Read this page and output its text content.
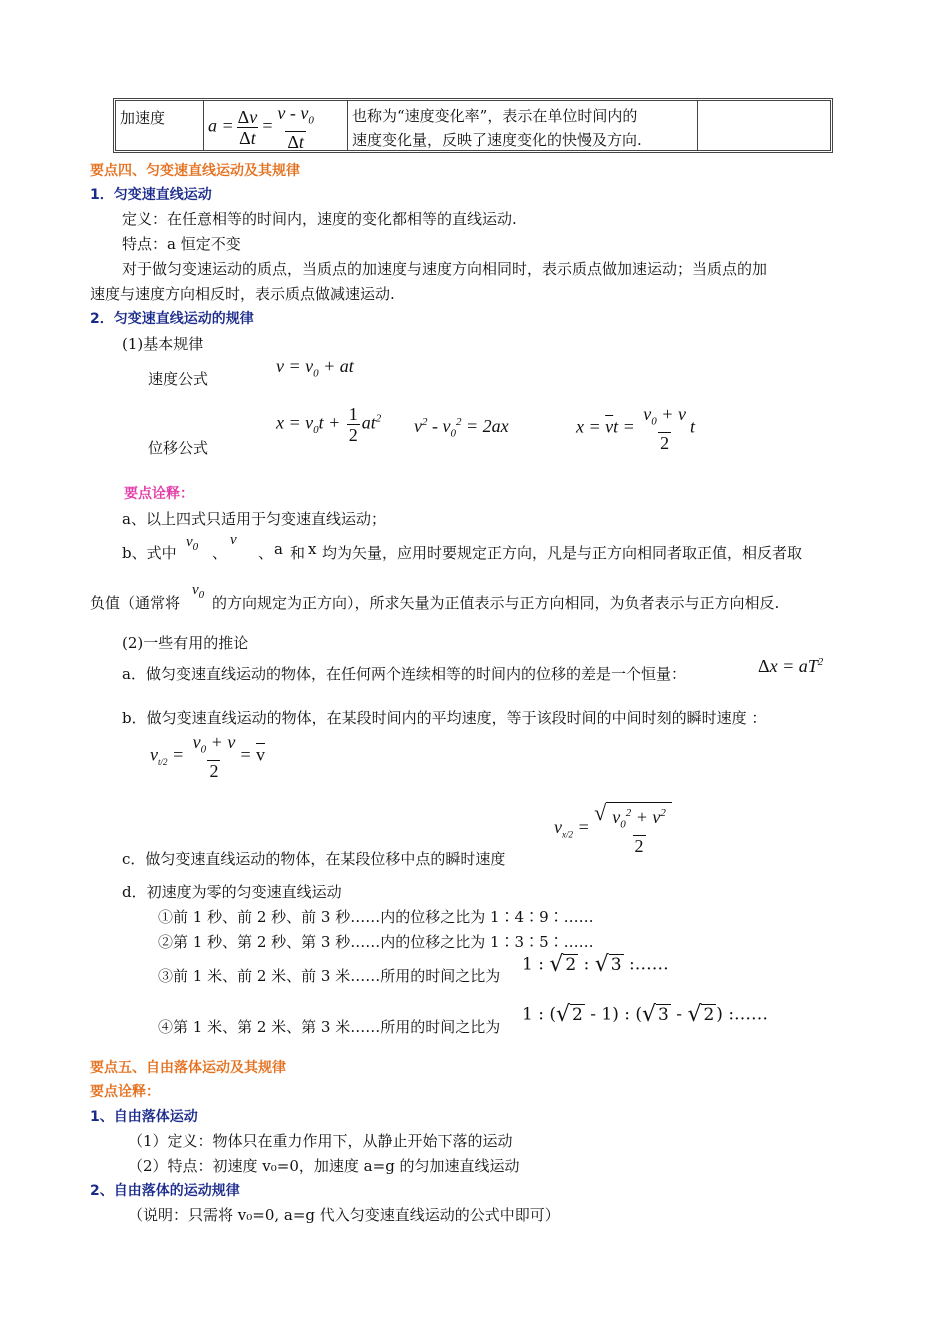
加速度 $a = \frac{\Delta v}{\Delta t} = \frac{v - v_0}{\Delta t}$ 也称为“速度变化率”，表示在单位时间内的
速度变化量，反映了速度变化的快慢及方向.
要点四、匀变速直线运动及其规律
1．匀变速直线运动
定义：在任意相等的时间内，速度的变化都相等的直线运动.
特点：a 恒定不变
对于做匀变速运动的质点，当质点的加速度与速度方向相同时，表示质点做加速运动；当质点的加
速度与速度方向相反时，表示质点做减速运动.
2．匀变速直线运动的规律
(1)基本规律
速度公式
$v = v_0$ + at
位移公式
$x = v_0t + \frac{1}{2} at^2$ $v^2 - v_0^2 = 2ax$	$x = \overline{v}t = \frac{v_0 + v}{2}$ t
要点诠释：
a、以上四式只适用于匀变速直线运动；
b、式中
$v_0$ 、
v
、 a 和 x 均为矢量，应用时要规定正方向，凡是与正方向相同者取正值，相反者取
负值（通常将
$v_0$ 的方向规定为正方向），所求矢量为正值表示与正方向相同，为负者表示与正方向相反.
(2)一些有用的推论
a．做匀变速直线运动的物体，在任何两个连续相等的时间内的位移的差是一个恒量：	$\Delta x = aT^2$
b．做匀变速直线运动的物体，在某段时间内的平均速度，等于该段时间的中间时刻的瞬时速度 ：
$v_{t/2} = \frac{v_0 + v}{2} = \overline{v}$
c．做匀变速直线运动的物体，在某段位移中点的瞬时速度
$v_{x/2}$ =
√ $\frac{v_0^2 + v^2}{2}$
d．初速度为零的匀变速直线运动
①前 1 秒、前 2 秒、前 3 秒……内的位移之比为 1∶4∶9∶……
②第 1 秒、第 2 秒、第 3 秒……内的位移之比为 1∶3∶5∶……
③前 1 米、前 2 米、前 3 米……所用的时间之比为
1 : √ 2 : √ 3 :……
④第 1 米、第 2 米、第 3 米……所用的时间之比为
1 : ( √ 2 - 1) : ( √ 3 - √ 2 ) :……
要点五、自由落体运动及其规律
要点诠释：
1、自由落体运动
（1）定义：物体只在重力作用下，从静止开始下落的运动
（2）特点：初速度 v₀=0，加速度 a=g 的匀加速直线运动
2、自由落体的运动规律
（说明：只需将 v₀=0, a=g 代入匀变速直线运动的公式中即可）
